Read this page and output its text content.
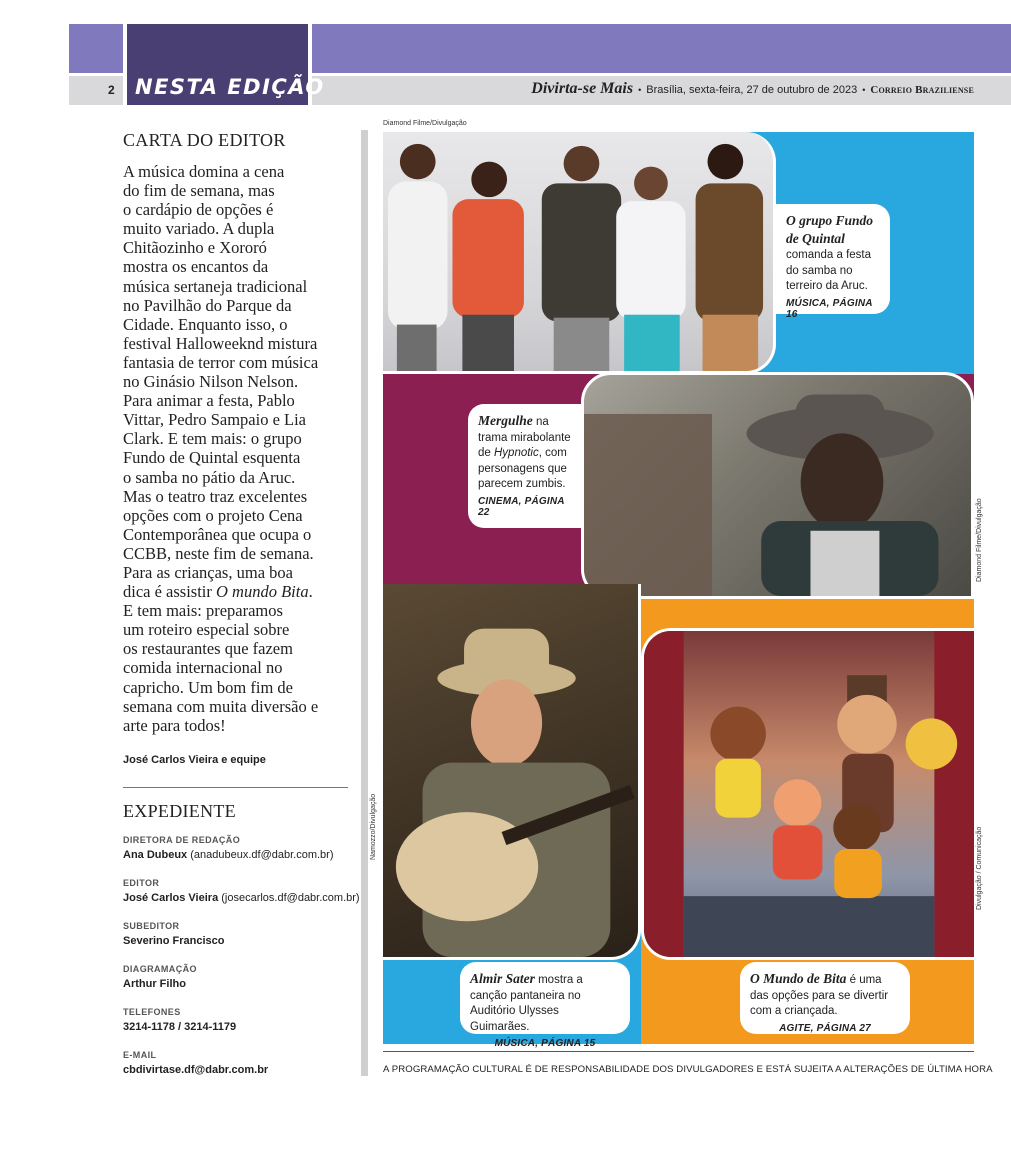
NESTA EDIÇÃO
2	Divirta-se Mais • Brasília, sexta-feira, 27 de outubro de 2023 • Correio Braziliense
CARTA DO EDITOR
A música domina a cena
do fim de semana, mas
o cardápio de opções é
muito variado. A dupla
Chitãozinho e Xororó
mostra os encantos da
música sertaneja tradicional
no Pavilhão do Parque da
Cidade. Enquanto isso, o
festival Halloweeknd mistura
fantasia de terror com música
no Ginásio Nilson Nelson.
Para animar a festa, Pablo
Vittar, Pedro Sampaio e Lia
Clark. E tem mais: o grupo
Fundo de Quintal esquenta
o samba no pátio da Aruc.
Mas o teatro traz excelentes
opções com o projeto Cena
Contemporânea que ocupa o
CCBB, neste fim de semana.
Para as crianças, uma boa
dica é assistir O mundo Bita.
E tem mais: preparamos
um roteiro especial sobre
os restaurantes que fazem
comida internacional no
capricho. Um bom fim de
semana com muita diversão e
arte para todos!
José Carlos Vieira e equipe
EXPEDIENTE
DIRETORA DE REDAÇÃO
Ana Dubeux (anadubeux.df@dabr.com.br)
EDITOR
José Carlos Vieira (josecarlos.df@dabr.com.br)
SUBEDITOR
Severino Francisco
DIAGRAMAÇÃO
Arthur Filho
TELEFONES
3214-1178 / 3214-1179
E-MAIL
cbdivirtase.df@dabr.com.br
Diamond Filme/Divulgação
O grupo Fundo de Quintal comanda a festa do samba no terreiro da Aruc.
MÚSICA, PÁGINA 16
Mergulhe na trama mirabolante de Hypnotic, com personagens que parecem zumbis.
CINEMA, PÁGINA 22	Diamond Filme/Divulgação
Namozzo/Divulgação
Almir Sater mostra a canção pantaneira no Auditório Ulysses Guimarães.
MÚSICA, PÁGINA 15
Divulgação / Comunicação
O Mundo de Bita é uma das opções para se divertir com a criançada.
AGITE, PÁGINA 27
A PROGRAMAÇÃO CULTURAL É DE RESPONSABILIDADE DOS DIVULGADORES E ESTÁ SUJEITA A ALTERAÇÕES DE ÚLTIMA HORA
